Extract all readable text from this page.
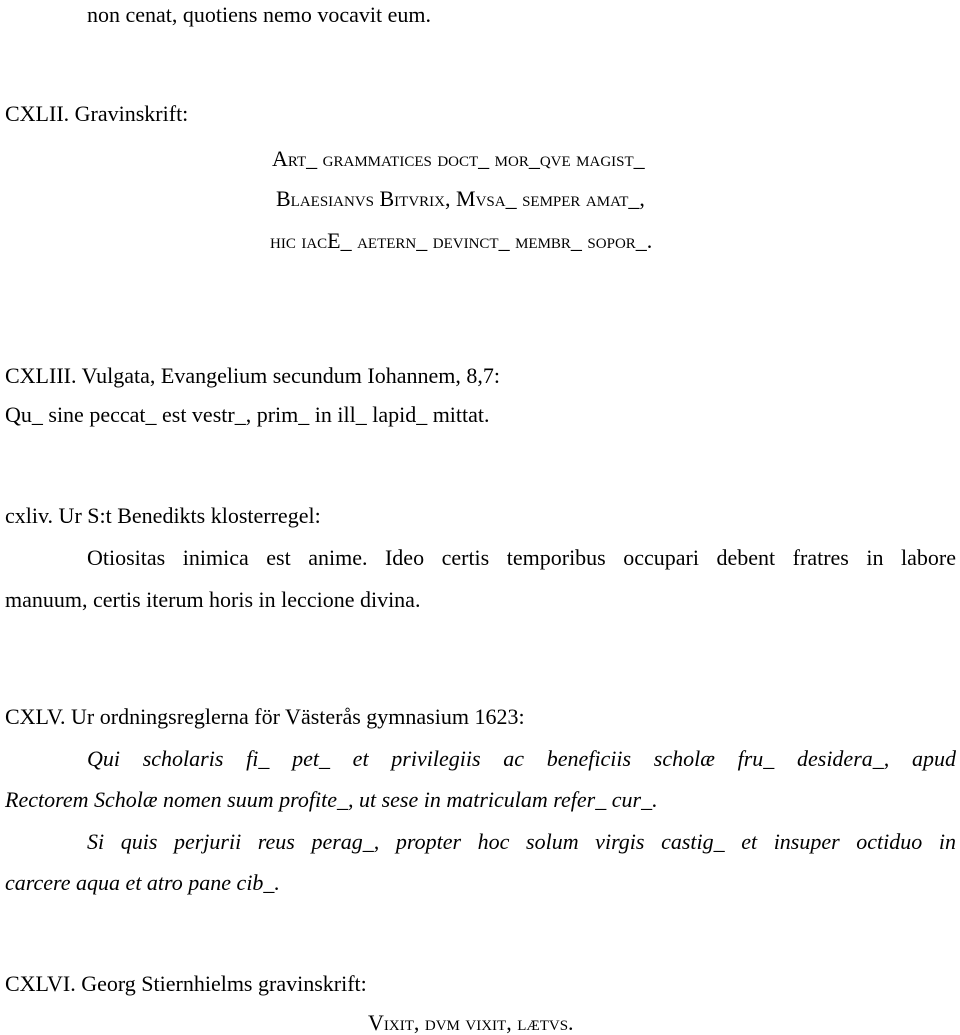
non cenat, quotiens nemo vocavit eum.
CXLII. Gravinskrift:
Art_ grammatices doct_ mor_qve magist_
Blaesianvs Bitvrix, Mvsa_ semper amat_,
hic iacE_ aetern_ devinct_ membr_ sopor_.
CXLIII. Vulgata, Evangelium secundum Iohannem, 8,7:
Qu_ sine peccat_ est vestr_, prim_ in ill_ lapid_ mittat.
cxliv. Ur S:t Benedikts klosterregel:
Otiositas inimica est anime. Ideo certis temporibus occupari debent fratres in labore
manuum, certis iterum horis in leccione divina.
CXLV. Ur ordningsreglerna för Västerås gymnasium 1623:
Qui scholaris fi_ pet_ et privilegiis ac beneficiis scholæ fru_ desidera_, apud
Rectorem Scholæ nomen suum profite_, ut sese in matriculam refer_ cur_.
Si quis perjurii reus perag_, propter hoc solum virgis castig_ et insuper octiduo in
carcere aqua et atro pane cib_.
CXLVI. Georg Stiernhielms gravinskrift:
Vixit, dvm vixit, lætvs.
